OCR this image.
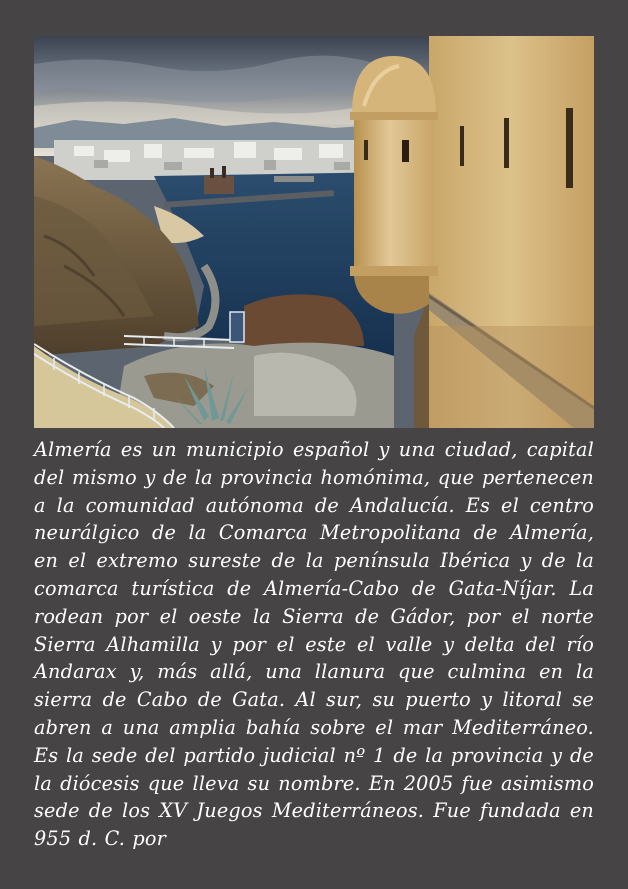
Almería es un municipio español y una ciudad, capital del mismo y de la provincia homónima, que pertenecen a la comunidad autónoma de Andalucía. Es el centro neurálgico de la Comarca Metropolitana de Almería, en el extremo sureste de la península Ibérica y de la comarca turística de Almería-Cabo de Gata-Níjar. La rodean por el oeste la Sierra de Gádor, por el norte Sierra Alhamilla y por el este el valle y delta del río Andarax y, más allá, una llanura que culmina en la sierra de Cabo de Gata. Al sur, su puerto y litoral se abren a una amplia bahía sobre el mar Mediterráneo. Es la sede del partido judicial nº 1 de la provincia y de la diócesis que lleva su nombre. En 2005 fue asimismo sede de los XV Juegos Mediterráneos. Fue fundada en 955 d. C. por
